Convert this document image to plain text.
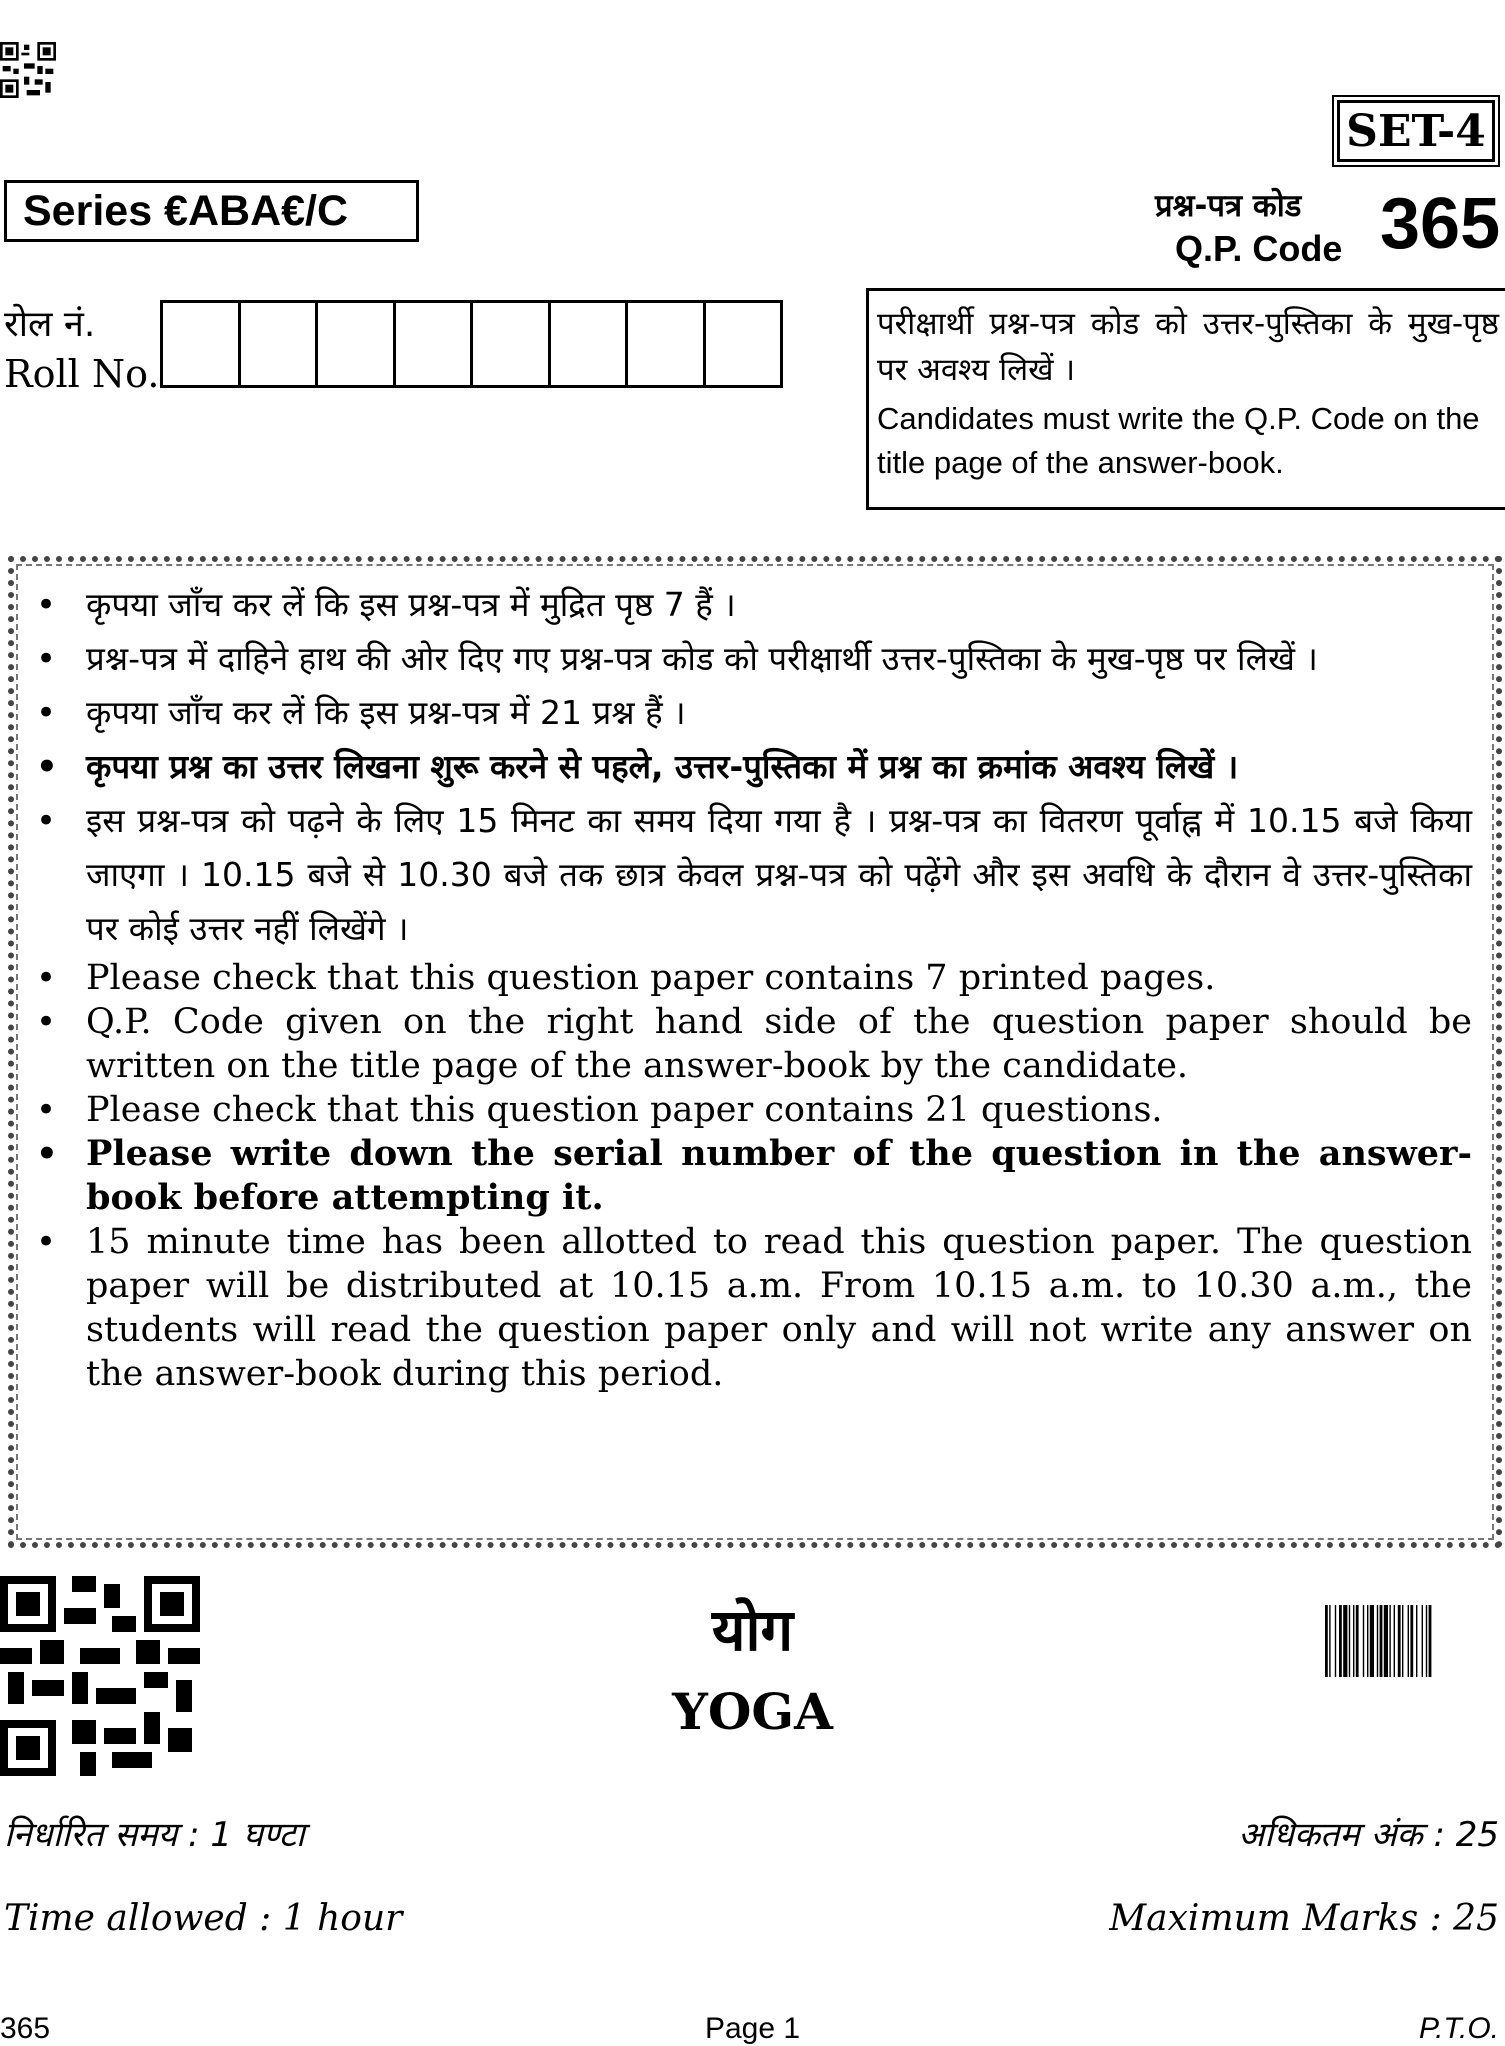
SET-4
Series €ABA€/C	प्रश्न-पत्र कोड
Q.P. Code 365
रोल नं.
Roll No.
परीक्षार्थी प्रश्न-पत्र कोड को उत्तर-पुस्तिका के मुख-पृष्ठ पर अवश्य लिखें ।
Candidates must write the Q.P. Code on the title page of the answer-book.
• कृपया जाँच कर लें कि इस प्रश्न-पत्र में मुद्रित पृष्ठ 7 हैं ।
• प्रश्न-पत्र में दाहिने हाथ की ओर दिए गए प्रश्न-पत्र कोड को परीक्षार्थी उत्तर-पुस्तिका के मुख-पृष्ठ पर लिखें ।
• कृपया जाँच कर लें कि इस प्रश्न-पत्र में 21 प्रश्न हैं ।
• कृपया प्रश्न का उत्तर लिखना शुरू करने से पहले, उत्तर-पुस्तिका में प्रश्न का क्रमांक अवश्य लिखें ।
• इस प्रश्न-पत्र को पढ़ने के लिए 15 मिनट का समय दिया गया है । प्रश्न-पत्र का वितरण पूर्वाह्न में 10.15 बजे किया जाएगा । 10.15 बजे से 10.30 बजे तक छात्र केवल प्रश्न-पत्र को पढ़ेंगे और इस अवधि के दौरान वे उत्तर-पुस्तिका पर कोई उत्तर नहीं लिखेंगे ।
• Please check that this question paper contains 7 printed pages.
• Q.P. Code given on the right hand side of the question paper should be written on the title page of the answer-book by the candidate.
• Please check that this question paper contains 21 questions.
• Please write down the serial number of the question in the answer-book before attempting it.
• 15 minute time has been allotted to read this question paper. The question paper will be distributed at 10.15 a.m. From 10.15 a.m. to 10.30 a.m., the students will read the question paper only and will not write any answer on the answer-book during this period.
योग
YOGA
निर्धारित समय : 1 घण्टा	अधिकतम अंक : 25
Time allowed : 1 hour	Maximum Marks : 25
365	Page 1	P.T.O.
